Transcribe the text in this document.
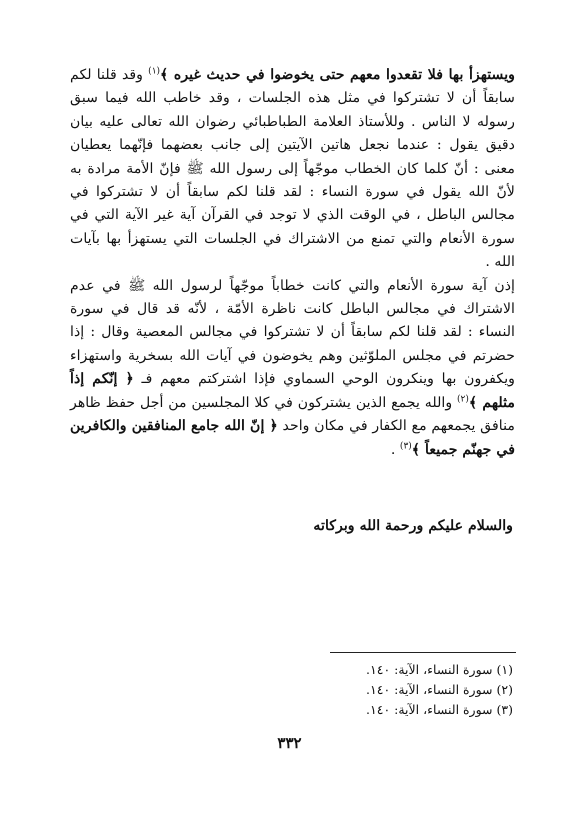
ويستهزأ بها فلا تقعدوا معهم حتى يخوضوا في حديث غيره ﴾$^{(١)}$ وقد قلنا لكم سابقاً أن لا تشتركوا في مثل هذه الجلسات ، وقد خاطب الله فيما سبق رسوله لا الناس . وللأستاذ العلامة الطباطبائي رضوان الله تعالى عليه بيان دقيق يقول : عندما نجعل هاتين الآيتين إلى جانب بعضهما فإنّهما يعطيان معنى : أنّ كلما كان الخطاب موجّهاً إلى رسول الله ﷺ فإنّ الأمة مرادة به لأنّ الله يقول في سورة النساء : لقد قلنا لكم سابقاً أن لا تشتركوا في مجالس الباطل ، في الوقت الذي لا توجد في القرآن آية غير الآية التي في سورة الأنعام والتي تمنع من الاشتراك في الجلسات التي يستهزأ بها بآيات الله .

إذن آية سورة الأنعام والتي كانت خطاباً موجّهاً لرسول الله ﷺ في عدم الاشتراك في مجالس الباطل كانت ناظرة الأمّة ، لأنّه قد قال في سورة النساء : لقد قلنا لكم سابقاً أن لا تشتركوا في مجالس المعصية وقال : إذا حضرتم في مجلس الملوّثين وهم يخوضون في آيات الله بسخرية واستهزاء ويكفرون بها وينكرون الوحي السماوي فإذا اشتركتم معهم فـ ﴿ إنّكم إذاً مثلهم ﴾$^{(٢)}$ والله يجمع الذين يشتركون في كلا المجلسين من أجل حفظ ظاهر منافق يجمعهم مع الكفار في مكان واحد ﴿ إنّ الله جامع المنافقين والكافرين في جهنّم جميعاً ﴾$^{(٣)}$ .

والسلام عليكم ورحمة الله وبركاته
(١) سورة النساء، الآية: ١٤٠.
(٢) سورة النساء، الآية: ١٤٠.
(٣) سورة النساء، الآية: ١٤٠.
٣٣٢
